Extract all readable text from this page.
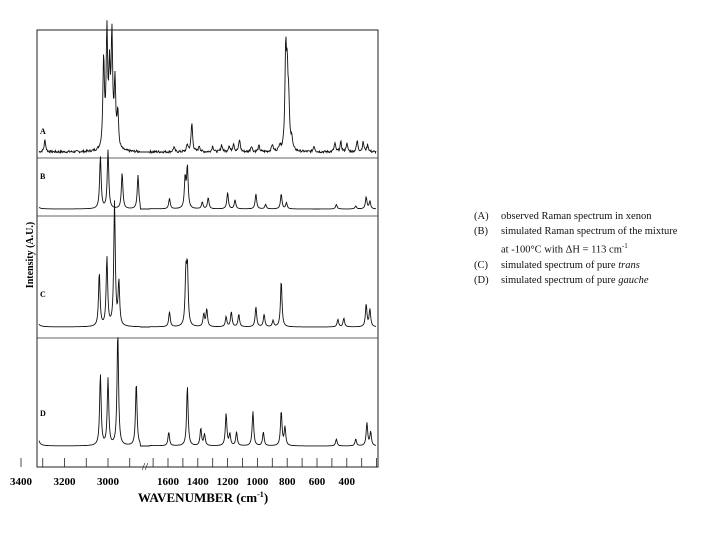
A
B
C
D
3400 3200 3000	1600 1400 1200 1000 800 600 400
//
Intensity (A.U.)
WAVENUMBER $(cm^{-1})$
(A)	observed Raman spectrum in xenon
(B)	simulated Raman spectrum of the mixture
at -100°C with ΔH = 113 $cm^{-1}$
(C)	simulated spectrum of pure trans
(D)	simulated spectrum of pure gauche
